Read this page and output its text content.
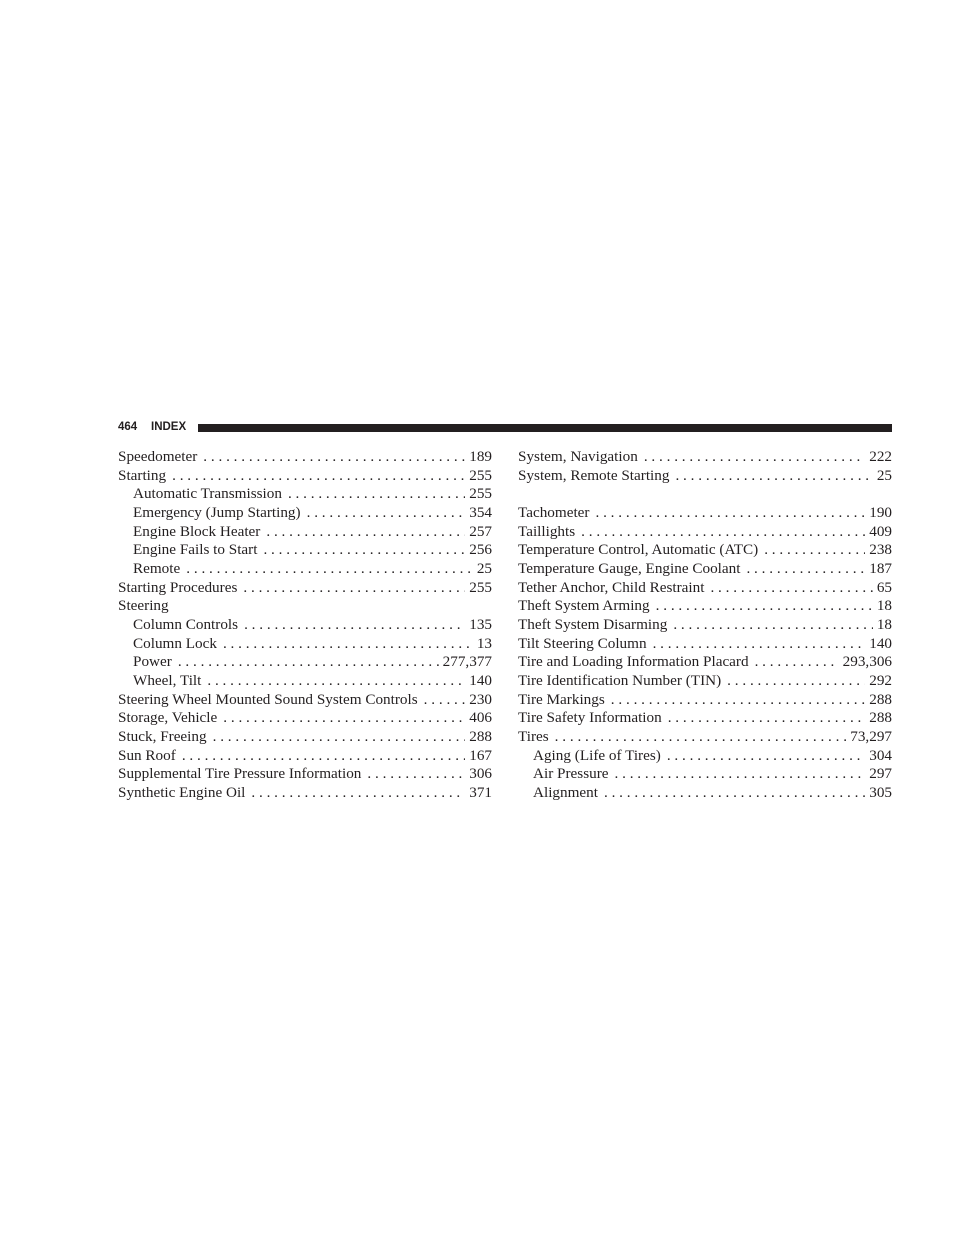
464 INDEX
Speedometer . . .	189
Starting . . .	255
Automatic Transmission . . .	255
Emergency (Jump Starting) . . .	354
Engine Block Heater . . .	257
Engine Fails to Start . . .	256
Remote . . .	25
Starting Procedures . . .	255
Steering
Column Controls . . .	135
Column Lock . . .	13
Power . . .	277,377
Wheel, Tilt . . .	140
Steering Wheel Mounted Sound System Controls . . .	230
Storage, Vehicle . . .	406
Stuck, Freeing . . .	288
Sun Roof . . .	167
Supplemental Tire Pressure Information . . .	306
Synthetic Engine Oil . . .	371
System, Navigation . . .	222
System, Remote Starting . . .	25
Tachometer . . .	190
Taillights . . .	409
Temperature Control, Automatic (ATC) . . .	238
Temperature Gauge, Engine Coolant . . .	187
Tether Anchor, Child Restraint . . .	65
Theft System Arming . . .	18
Theft System Disarming . . .	18
Tilt Steering Column . . .	140
Tire and Loading Information Placard . . .	293,306
Tire Identification Number (TIN) . . .	292
Tire Markings . . .	288
Tire Safety Information . . .	288
Tires . . .	73,297
Aging (Life of Tires) . . .	304
Air Pressure . . .	297
Alignment . . .	305
